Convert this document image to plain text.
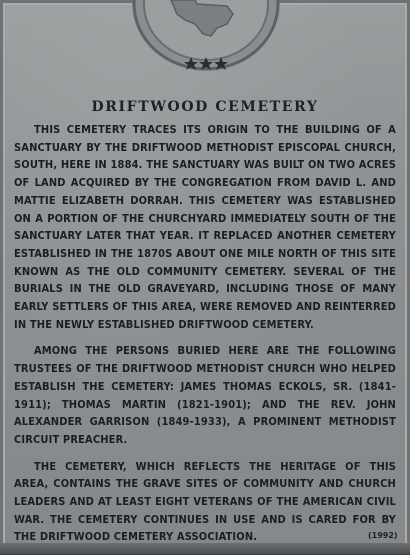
DRIFTWOOD CEMETERY

THIS CEMETERY TRACES ITS ORIGIN TO THE BUILDING OF A SANCTUARY BY THE DRIFTWOOD METHODIST EPISCOPAL CHURCH, SOUTH, HERE IN 1884. THE SANCTUARY WAS BUILT ON TWO ACRES OF LAND ACQUIRED BY THE CONGREGATION FROM DAVID L. AND MATTIE ELIZABETH DORRAH. THIS CEMETERY WAS ESTABLISHED ON A PORTION OF THE CHURCHYARD IMMEDIATELY SOUTH OF THE SANCTUARY LATER THAT YEAR. IT REPLACED ANOTHER CEMETERY ESTABLISHED IN THE 1870S ABOUT ONE MILE NORTH OF THIS SITE KNOWN AS THE OLD COMMUNITY CEMETERY. SEVERAL OF THE BURIALS IN THE OLD GRAVEYARD, INCLUDING THOSE OF MANY EARLY SETTLERS OF THIS AREA, WERE REMOVED AND REINTERRED IN THE NEWLY ESTABLISHED DRIFTWOOD CEMETERY.

AMONG THE PERSONS BURIED HERE ARE THE FOLLOWING TRUSTEES OF THE DRIFTWOOD METHODIST CHURCH WHO HELPED ESTABLISH THE CEMETERY: JAMES THOMAS ECKOLS, SR. (1841-1911); THOMAS MARTIN (1821-1901); AND THE REV. JOHN ALEXANDER GARRISON (1849-1933), A PROMINENT METHODIST CIRCUIT PREACHER.

THE CEMETERY, WHICH REFLECTS THE HERITAGE OF THIS AREA, CONTAINS THE GRAVE SITES OF COMMUNITY AND CHURCH LEADERS AND AT LEAST EIGHT VETERANS OF THE AMERICAN CIVIL WAR. THE CEMETERY CONTINUES IN USE AND IS CARED FOR BY THE DRIFTWOOD CEMETERY ASSOCIATION.	(1992)
